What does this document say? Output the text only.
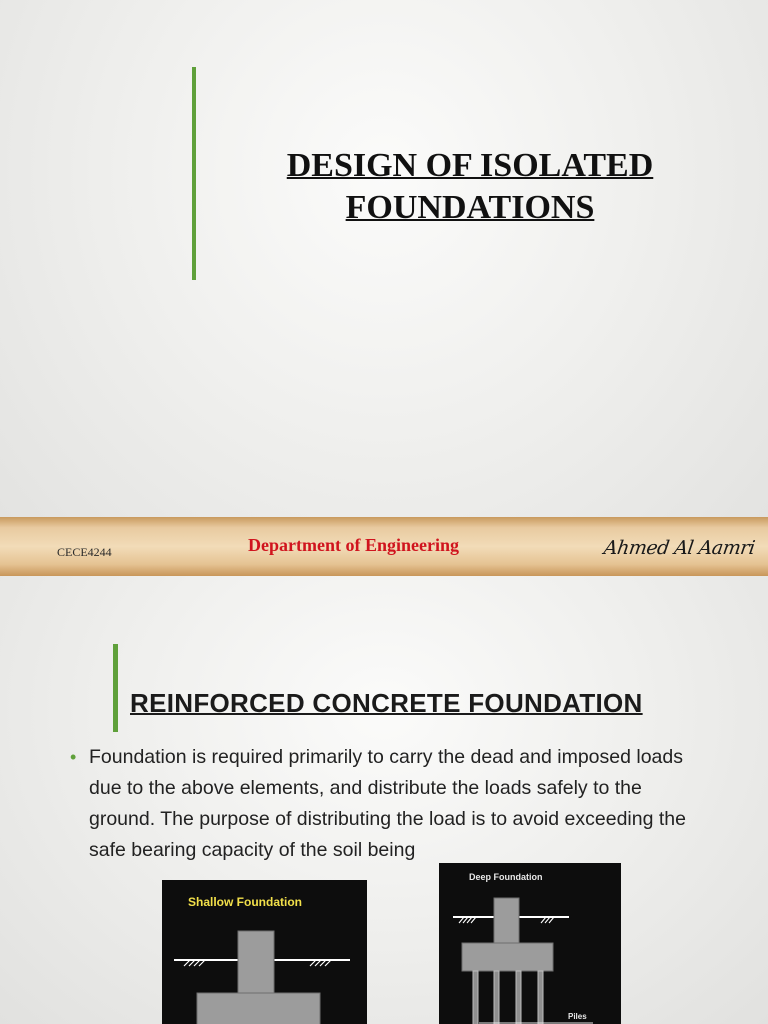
DESIGN OF ISOLATED
FOUNDATIONS
CECE4244	Department of Engineering	Ahmed Al Aamri
REINFORCED CONCRETE FOUNDATION
• Foundation is required primarily to carry the dead and imposed loads due to the above elements, and distribute the loads safely to the ground. The purpose of distributing the load is to avoid exceeding the safe bearing capacity of the soil being
Shallow Foundation
Deep Foundation
Piles
